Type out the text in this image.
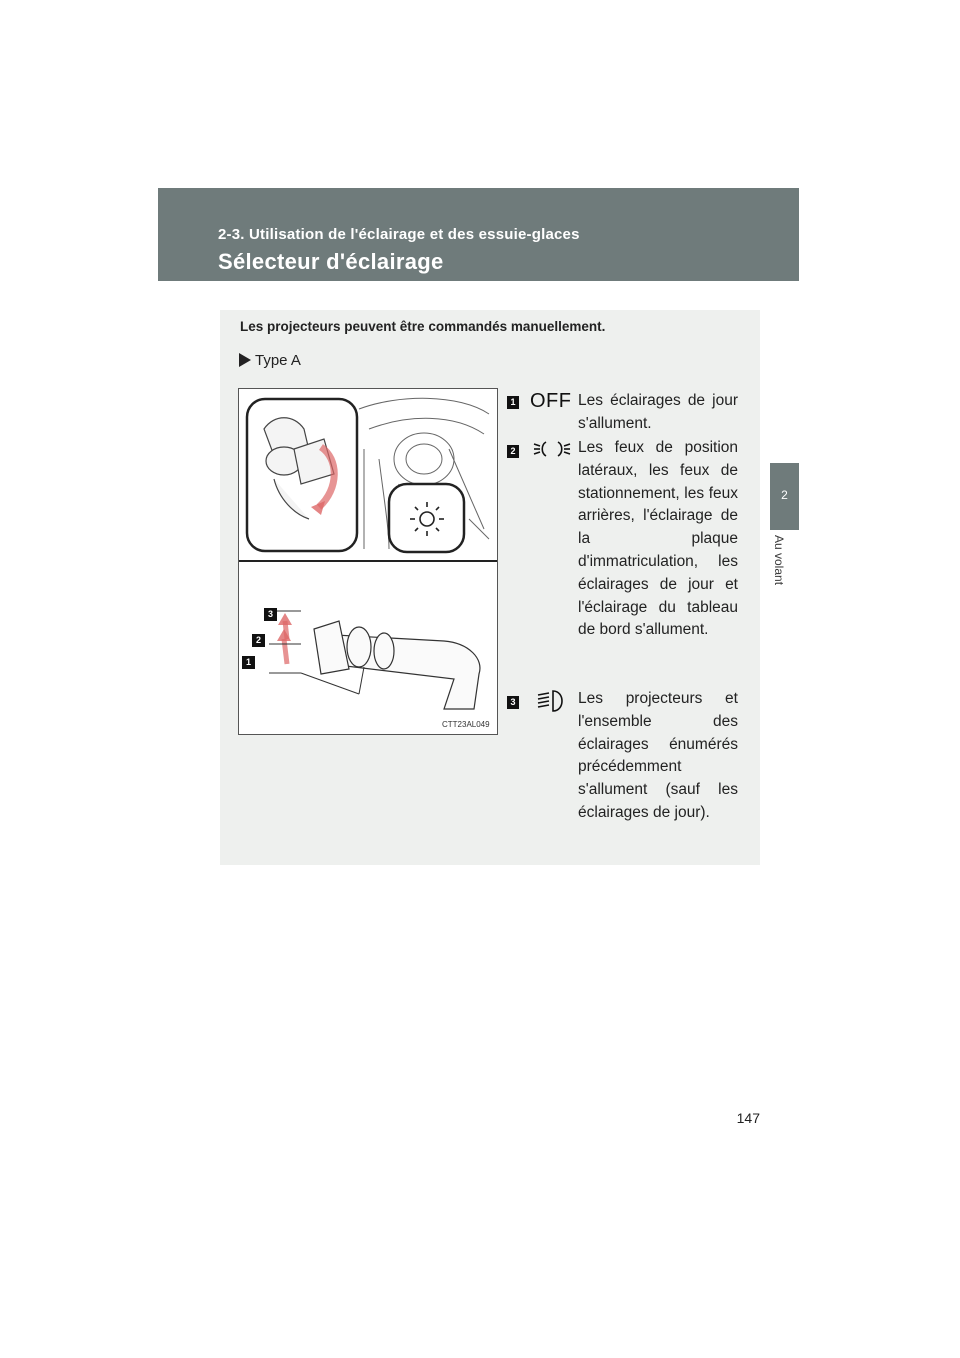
2-3. Utilisation de l'éclairage et des essuie-glaces
Sélecteur d'éclairage
2
Au volant
Les projecteurs peuvent être commandés manuellement.
Type A
3
2
1
CTT23AL049
1 OFF Les éclairages de jour s'allument.
2	Les feux de position latéraux, les feux de stationnement, les feux arrières, l'éclairage de la plaque d'immatriculation, les éclairages de jour et l'éclairage du tableau de bord s'allument.
3	Les projecteurs et l'ensemble des éclairages énumérés précédemment s'allument (sauf les éclairages de jour).
147
